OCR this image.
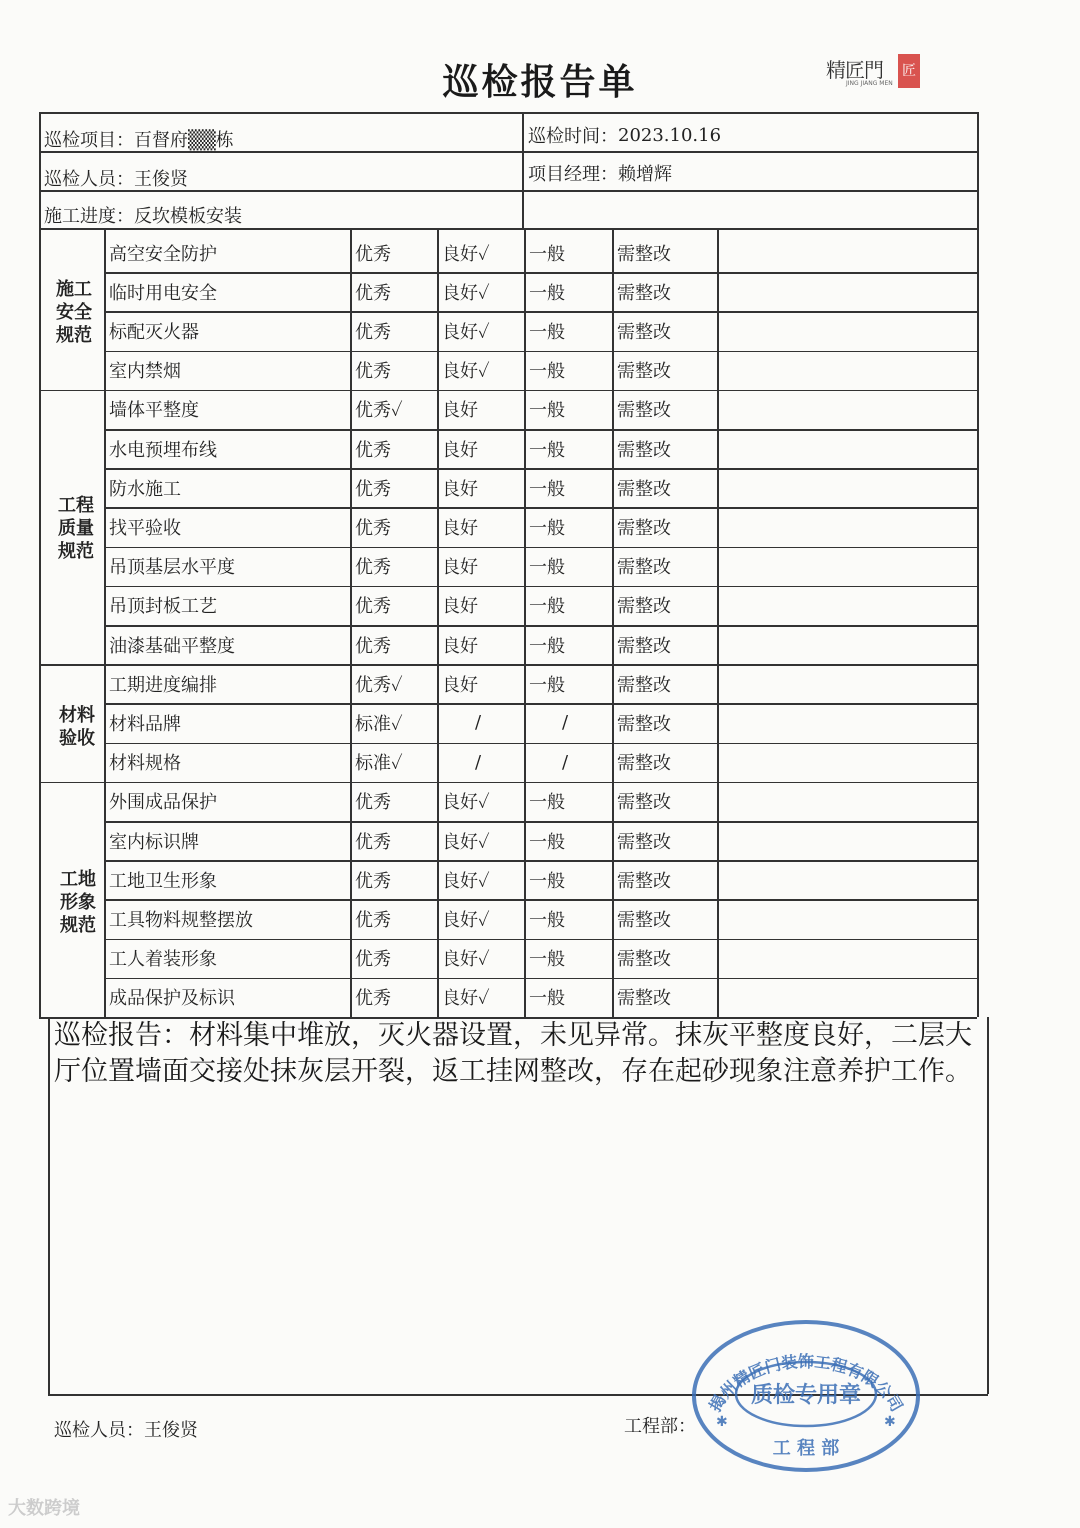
巡检报告单	精匠門
JING JIANG MEN
匠
巡检项目： 百督府▒▒栋	巡检时间： 2023.10.16
巡检人员： 王俊贤	项目经理： 赖增辉
施工进度： 反坎模板安装
施工
安全
规范
工程
质量
规范
材料
验收
工地
形象
规范
高空安全防护	优秀	良好✓ 一般	需整改
临时用电安全	优秀	良好✓ 一般	需整改
标配灭火器	优秀	良好✓ 一般	需整改
室内禁烟	优秀	良好✓ 一般	需整改
墙体平整度	优秀✓ 良好	一般	需整改
水电预埋布线	优秀	良好	一般	需整改
防水施工	优秀	良好	一般	需整改
找平验收	优秀	良好	一般	需整改
吊顶基层水平度	优秀	良好	一般	需整改
吊顶封板工艺	优秀	良好	一般	需整改
油漆基础平整度	优秀	良好	一般	需整改
工期进度编排	优秀✓ 良好	一般	需整改
材料品牌	标准✓	/	/	需整改
材料规格	标准✓	/	/	需整改
外围成品保护	优秀	良好✓ 一般	需整改
室内标识牌	优秀	良好✓ 一般	需整改
工地卫生形象	优秀	良好✓ 一般	需整改
工具物料规整摆放	优秀	良好✓ 一般	需整改
工人着装形象	优秀	良好✓ 一般	需整改
成品保护及标识	优秀	良好✓ 一般	需整改
巡检报告：材料集中堆放，灭火器设置，未见异常。抹灰平整度良好，二层大厅位置墙面交接处抹灰层开裂，返工挂网整改，存在起砂现象注意养护工作。
巡检人员：王俊贤	工程部：
揭州精匠门装饰工程有限公司
质检专用章
工 程 部
✱	✱
大数跨境
